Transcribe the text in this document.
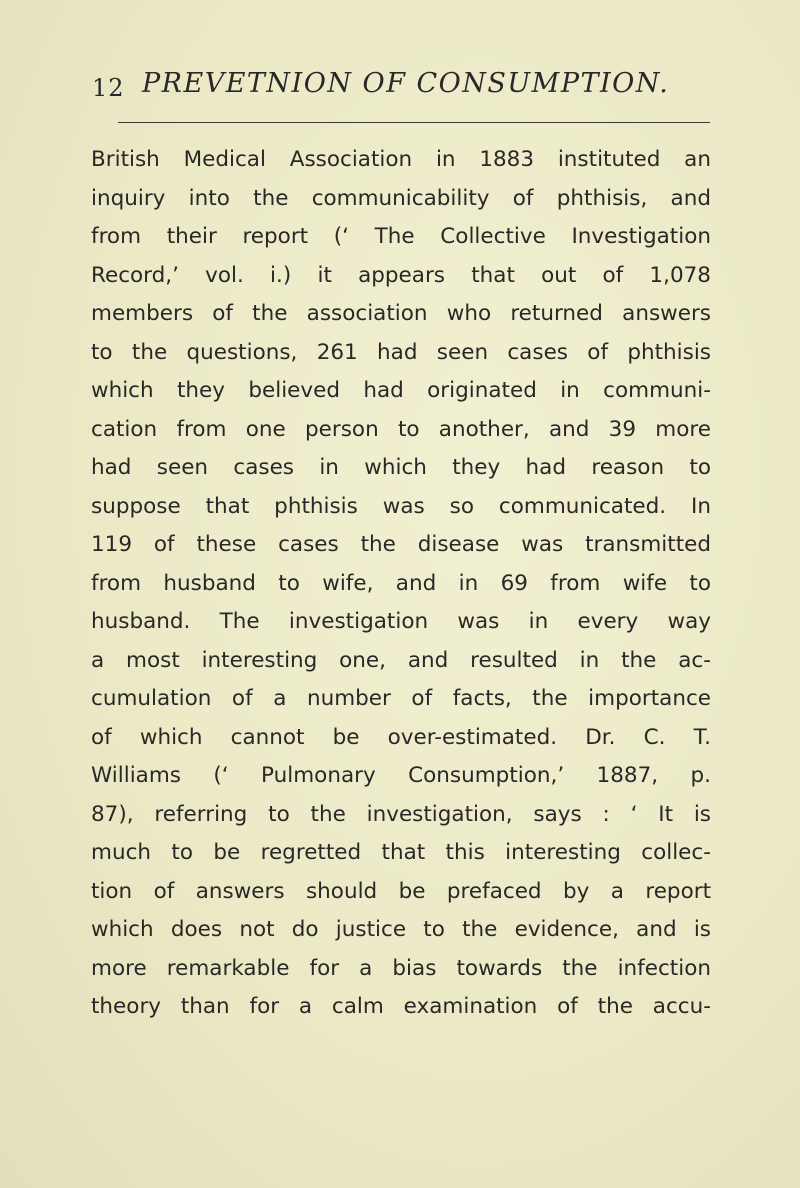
12 PREVETNION OF CONSUMPTION.
British Medical Association in 1883 instituted an
inquiry into the communicability of phthisis, and
from their report (‘ The Collective Investigation
Record,’ vol. i.) it appears that out of 1,078
members of the association who returned answers
to the questions, 261 had seen cases of phthisis
which they believed had originated in communi-
cation from one person to another, and 39 more
had seen cases in which they had reason to
suppose that phthisis was so communicated. In
119 of these cases the disease was transmitted
from husband to wife, and in 69 from wife to
husband. The investigation was in every way
a most interesting one, and resulted in the ac-
cumulation of a number of facts, the importance
of which cannot be over-estimated. Dr. C. T.
Williams (‘ Pulmonary Consumption,’ 1887, p.
87), referring to the investigation, says : ‘ It is
much to be regretted that this interesting collec-
tion of answers should be prefaced by a report
which does not do justice to the evidence, and is
more remarkable for a bias towards the infection
theory than for a calm examination of the accu-
